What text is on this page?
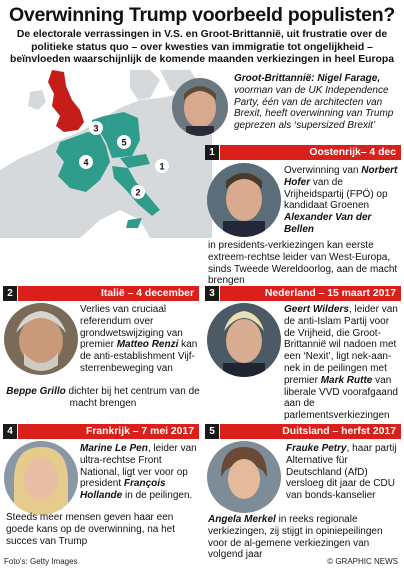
Overwinning Trump voorbeeld populisten?
De electorale verrassingen in V.S. en Groot-Brittannië, uit frustratie over de politieke status quo – over kwesties van immigratie tot ongelijkheid – beïnvloeden waarschijnlijk de komende maanden verkiezingen in heel Europa
1
2
3
4
5
Groot-Brittannië: Nigel Farage, voorman van de UK Independence Party, één van de architecten van Brexit, heeft overwinning van Trump geprezen als ‘supersized Brexit’
1	Oostenrijk– 4 dec
Overwinning van Norbert Hofer van de Vrijheidspartij (FPÖ) op kandidaat Groenen Alexander Van der Bellen
in presidents-verkiezingen kan eerste extreem-rechtse leider van West-Europa, sinds Tweede Wereldoorlog, aan de macht brengen
2	Italië – 4 december
Verlies van cruciaal referendum over grondwetswijziging van premier Matteo Renzi kan de anti-establishment Vijf-sterrenbeweging van
Beppe Grillo dichter bij het centrum van de macht brengen
3	Nederland – 15 maart 2017
Geert Wilders, leider van de anti-Islam Partij voor de Vrijheid, die Groot-Brittannië wil nadoen met een ‘Nexit’, ligt nek-aan-nek in de peilingen met premier Mark Rutte van liberale VVD voorafgaand aan de parlementsverkiezingen
4	Frankrijk – 7 mei 2017
Marine Le Pen, leider van ultra-rechtse Front National, ligt ver voor op president François Hollande in de peilingen.
Steeds meer mensen geven haar een goede kans op de overwinning, na het succes van Trump
5	Duitsland – herfst 2017
Frauke Petry, haar partij Alternative für Deutschland (AfD) versloeg dit jaar de CDU van bonds-kanselier
Angela Merkel in reeks regionale verkiezingen, zij stijgt in opiniepeilingen voor de al-gemene verkiezingen van volgend jaar
Foto's: Getty Images	© GRAPHIC NEWS
